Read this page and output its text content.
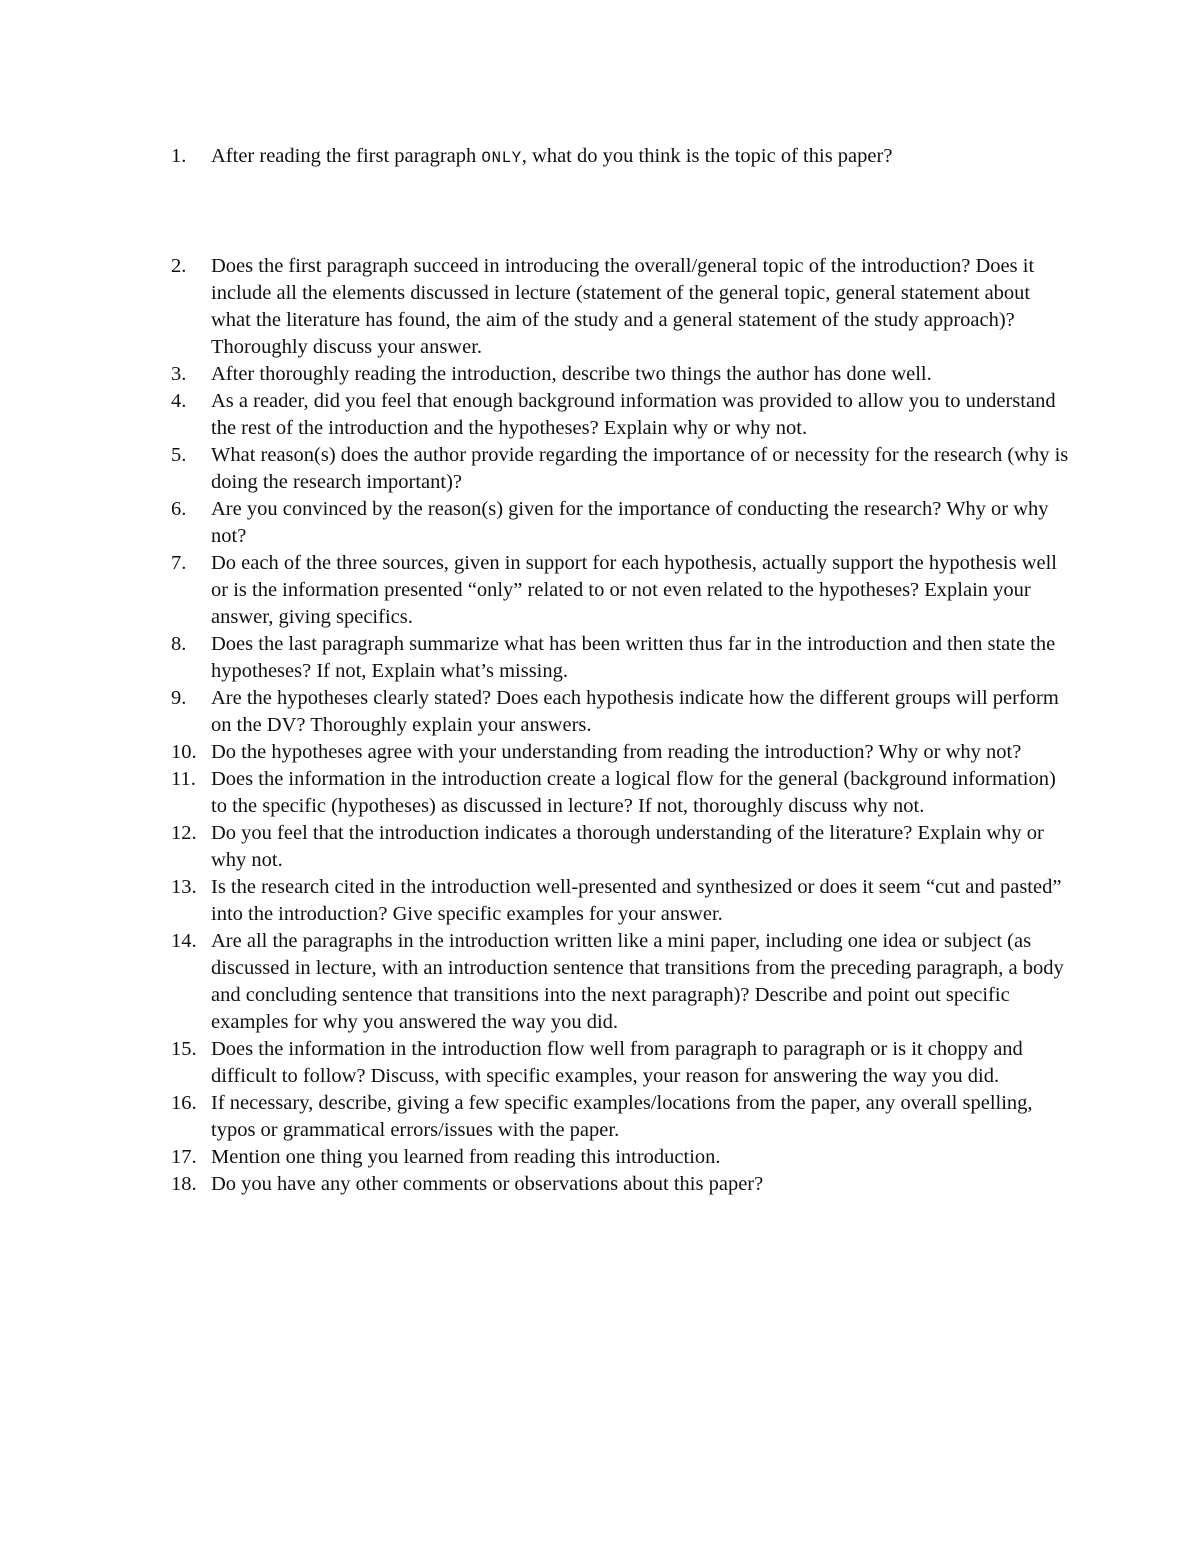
1.	After reading the first paragraph ONLY, what do you think is the topic of this paper?
2.	Does the first paragraph succeed in introducing the overall/general topic of the introduction? Does it include all the elements discussed in lecture (statement of the general topic, general statement about what the literature has found, the aim of the study and a general statement of the study approach)? Thoroughly discuss your answer.
3.	After thoroughly reading the introduction, describe two things the author has done well.
4.	As a reader, did you feel that enough background information was provided to allow you to understand the rest of the introduction and the hypotheses? Explain why or why not.
5.	What reason(s) does the author provide regarding the importance of or necessity for the research (why is doing the research important)?
6.	Are you convinced by the reason(s) given for the importance of conducting the research? Why or why not?
7.	Do each of the three sources, given in support for each hypothesis, actually support the hypothesis well or is the information presented “only” related to or not even related to the hypotheses? Explain your answer, giving specifics.
8.	Does the last paragraph summarize what has been written thus far in the introduction and then state the hypotheses? If not, Explain what’s missing.
9.	Are the hypotheses clearly stated? Does each hypothesis indicate how the different groups will perform on the DV? Thoroughly explain your answers.
10. Do the hypotheses agree with your understanding from reading the introduction? Why or why not?
11. Does the information in the introduction create a logical flow for the general (background information) to the specific (hypotheses) as discussed in lecture? If not, thoroughly discuss why not.
12. Do you feel that the introduction indicates a thorough understanding of the literature? Explain why or why not.
13. Is the research cited in the introduction well-presented and synthesized or does it seem “cut and pasted” into the introduction? Give specific examples for your answer.
14. Are all the paragraphs in the introduction written like a mini paper, including one idea or subject (as discussed in lecture, with an introduction sentence that transitions from the preceding paragraph, a body and concluding sentence that transitions into the next paragraph)? Describe and point out specific examples for why you answered the way you did.
15. Does the information in the introduction flow well from paragraph to paragraph or is it choppy and difficult to follow? Discuss, with specific examples, your reason for answering the way you did.
16. If necessary, describe, giving a few specific examples/locations from the paper, any overall spelling, typos or grammatical errors/issues with the paper.
17. Mention one thing you learned from reading this introduction.
18. Do you have any other comments or observations about this paper?
